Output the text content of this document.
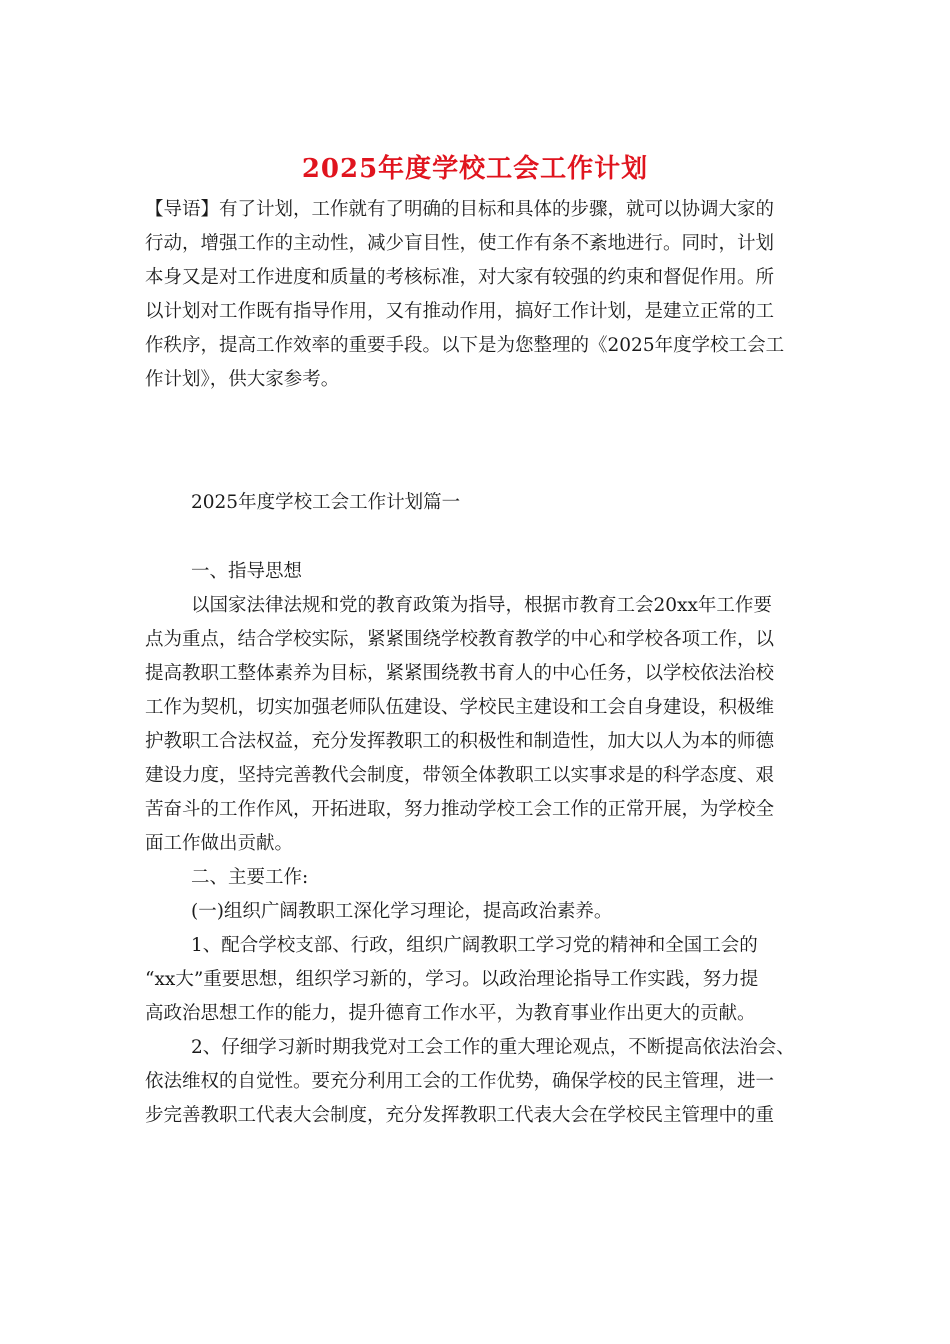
2025年度学校工会工作计划
【导语】有了计划，工作就有了明确的目标和具体的步骤，就可以协调大家的
行动，增强工作的主动性，减少盲目性，使工作有条不紊地进行。同时，计划
本身又是对工作进度和质量的考核标准，对大家有较强的约束和督促作用。所
以计划对工作既有指导作用，又有推动作用，搞好工作计划，是建立正常的工
作秩序，提高工作效率的重要手段。以下是为您整理的《2025年度学校工会工
作计划》，供大家参考。
2025年度学校工会工作计划篇一
一、指导思想
以国家法律法规和党的教育政策为指导，根据市教育工会20xx年工作要
点为重点，结合学校实际，紧紧围绕学校教育教学的中心和学校各项工作，以
提高教职工整体素养为目标，紧紧围绕教书育人的中心任务，以学校依法治校
工作为契机，切实加强老师队伍建设、学校民主建设和工会自身建设，积极维
护教职工合法权益，充分发挥教职工的积极性和制造性，加大以人为本的师德
建设力度，坚持完善教代会制度，带领全体教职工以实事求是的科学态度、艰
苦奋斗的工作作风，开拓进取，努力推动学校工会工作的正常开展，为学校全
面工作做出贡献。
二、主要工作:
(一)组织广阔教职工深化学习理论，提高政治素养。
1、配合学校支部、行政，组织广阔教职工学习党的精神和全国工会的
“xx大”重要思想，组织学习新的，学习。以政治理论指导工作实践，努力提
高政治思想工作的能力，提升德育工作水平，为教育事业作出更大的贡献。
2、仔细学习新时期我党对工会工作的重大理论观点，不断提高依法治会、
依法维权的自觉性。要充分利用工会的工作优势，确保学校的民主管理，进一
步完善教职工代表大会制度，充分发挥教职工代表大会在学校民主管理中的重
